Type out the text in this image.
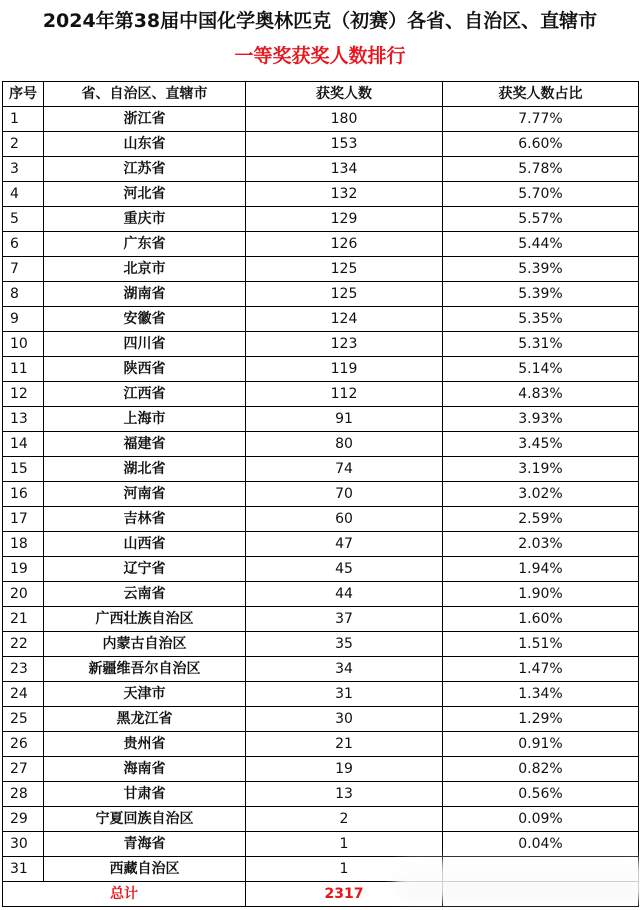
2024年第38届中国化学奥林匹克（初赛）各省、自治区、直辖市
一等奖获奖人数排行
序号	省、自治区、直辖市	获奖人数	获奖人数占比
1	浙江省	180	7.77%
2	山东省	153	6.60%
3	江苏省	134	5.78%
4	河北省	132	5.70%
5	重庆市	129	5.57%
6	广东省	126	5.44%
7	北京市	125	5.39%
8	湖南省	125	5.39%
9	安徽省	124	5.35%
10	四川省	123	5.31%
11	陕西省	119	5.14%
12	江西省	112	4.83%
13	上海市	91	3.93%
14	福建省	80	3.45%
15	湖北省	74	3.19%
16	河南省	70	3.02%
17	吉林省	60	2.59%
18	山西省	47	2.03%
19	辽宁省	45	1.94%
20	云南省	44	1.90%
21	广西壮族自治区	37	1.60%
22	内蒙古自治区	35	1.51%
23	新疆维吾尔自治区	34	1.47%
24	天津市	31	1.34%
25	黑龙江省	30	1.29%
26	贵州省	21	0.91%
27	海南省	19	0.82%
28	甘肃省	13	0.56%
29	宁夏回族自治区	2	0.09%
30	青海省	1	0.04%
31	西藏自治区	1	
总计		2317	
